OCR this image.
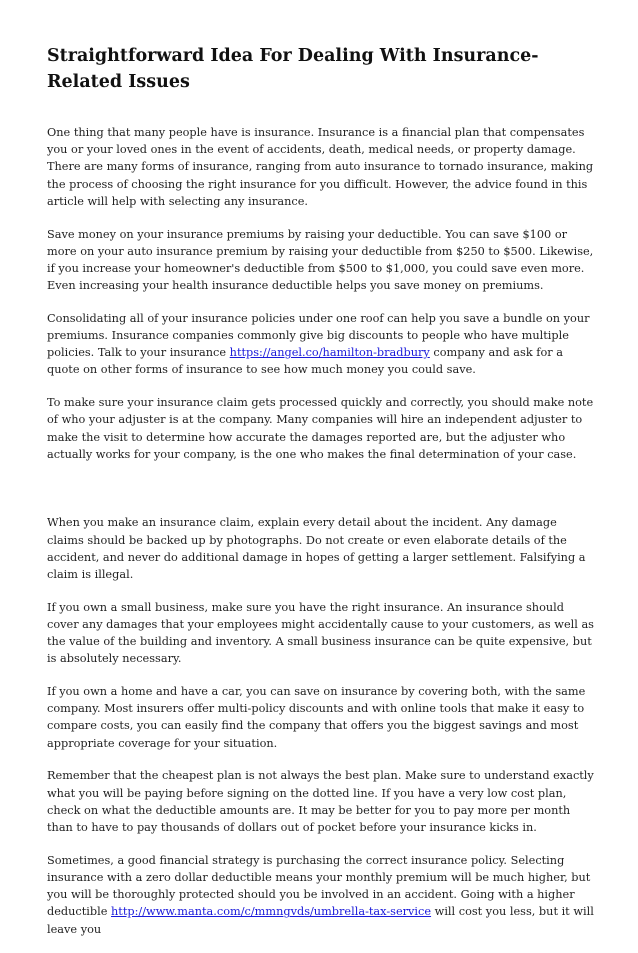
Straightforward Idea For Dealing With Insurance-Related Issues

One thing that many people have is insurance. Insurance is a financial plan that compensates you or your loved ones in the event of accidents, death, medical needs, or property damage. There are many forms of insurance, ranging from auto insurance to tornado insurance, making the process of choosing the right insurance for you difficult. However, the advice found in this article will help with selecting any insurance.

Save money on your insurance premiums by raising your deductible. You can save $100 or more on your auto insurance premium by raising your deductible from $250 to $500. Likewise, if you increase your homeowner's deductible from $500 to $1,000, you could save even more. Even increasing your health insurance deductible helps you save money on premiums.

Consolidating all of your insurance policies under one roof can help you save a bundle on your premiums. Insurance companies commonly give big discounts to people who have multiple policies. Talk to your insurance https://angel.co/hamilton-bradbury company and ask for a quote on other forms of insurance to see how much money you could save.

To make sure your insurance claim gets processed quickly and correctly, you should make note of who your adjuster is at the company. Many companies will hire an independent adjuster to make the visit to determine how accurate the damages reported are, but the adjuster who actually works for your company, is the one who makes the final determination of your case.

When you make an insurance claim, explain every detail about the incident. Any damage claims should be backed up by photographs. Do not create or even elaborate details of the accident, and never do additional damage in hopes of getting a larger settlement. Falsifying a claim is illegal.

If you own a small business, make sure you have the right insurance. An insurance should cover any damages that your employees might accidentally cause to your customers, as well as the value of the building and inventory. A small business insurance can be quite expensive, but is absolutely necessary.

If you own a home and have a car, you can save on insurance by covering both, with the same company. Most insurers offer multi-policy discounts and with online tools that make it easy to compare costs, you can easily find the company that offers you the biggest savings and most appropriate coverage for your situation.

Remember that the cheapest plan is not always the best plan. Make sure to understand exactly what you will be paying before signing on the dotted line. If you have a very low cost plan, check on what the deductible amounts are. It may be better for you to pay more per month than to have to pay thousands of dollars out of pocket before your insurance kicks in.

Sometimes, a good financial strategy is purchasing the correct insurance policy. Selecting insurance with a zero dollar deductible means your monthly premium will be much higher, but you will be thoroughly protected should you be involved in an accident. Going with a higher deductible http://www.manta.com/c/mmngvds/umbrella-tax-service will cost you less, but it will leave you
